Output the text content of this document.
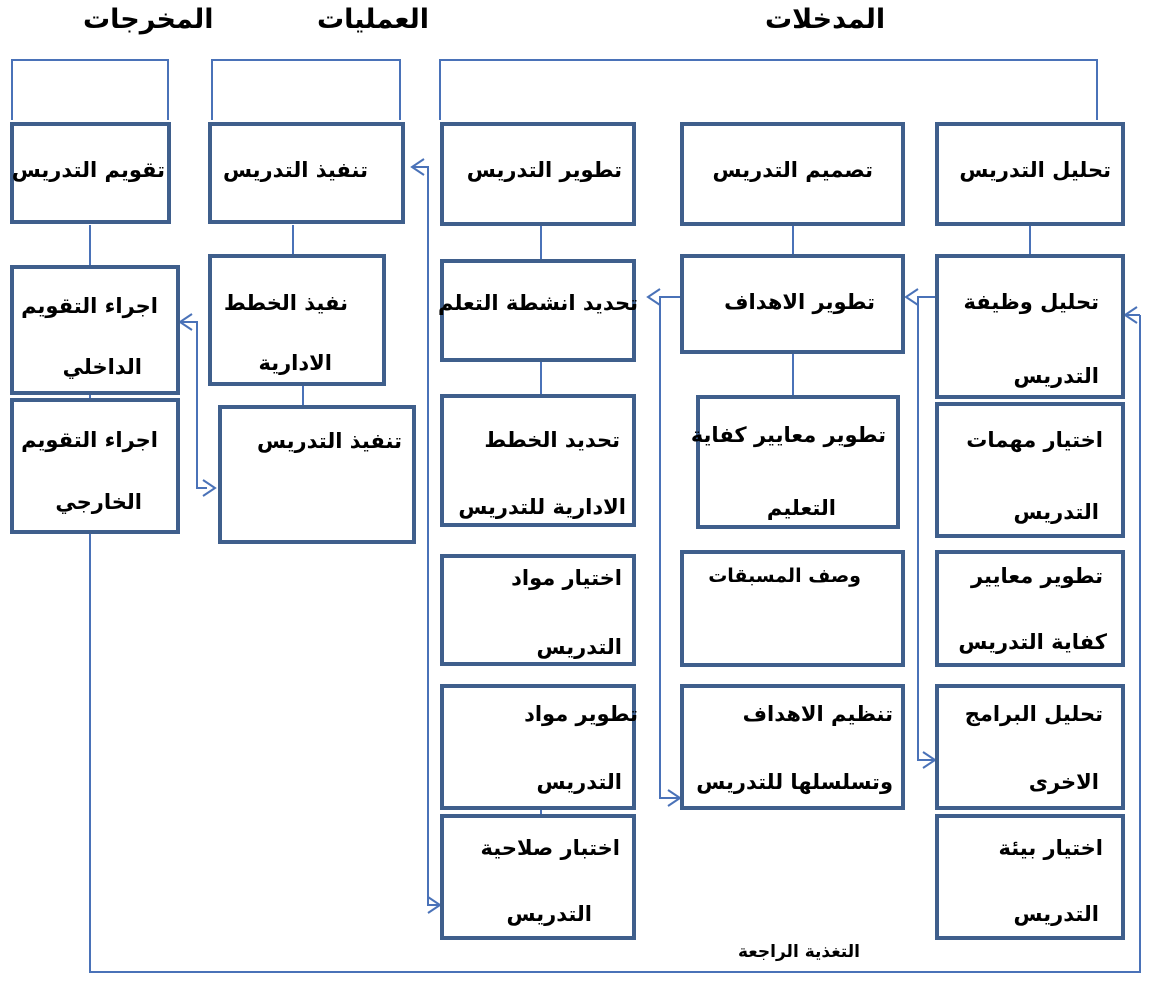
المخرجات	العمليات	المدخلات
تقويم التدريس
اجراء التقويم
الداخلي
اجراء التقويم
الخارجي
تنفيذ التدريس
نفيذ الخطط
الادارية
تنفيذ التدريس
تطوير التدريس
تحديد انشطة التعلم
تحديد الخطط
الادارية للتدريس
اختيار مواد
التدريس
تطوير مواد
التدريس
اختبار صلاحية
التدريس
تصميم التدريس
تطوير الاهداف
تطوير معايير كفاية
التعليم
وصف المسبقات
تنظيم الاهداف
وتسلسلها للتدريس
تحليل التدريس
تحليل وظيفة
التدريس
اختيار مهمات
التدريس
تطوير معايير
كفاية التدريس
تحليل البرامج
الاخرى
اختيار بيئة
التدريس
التغذية الراجعة
